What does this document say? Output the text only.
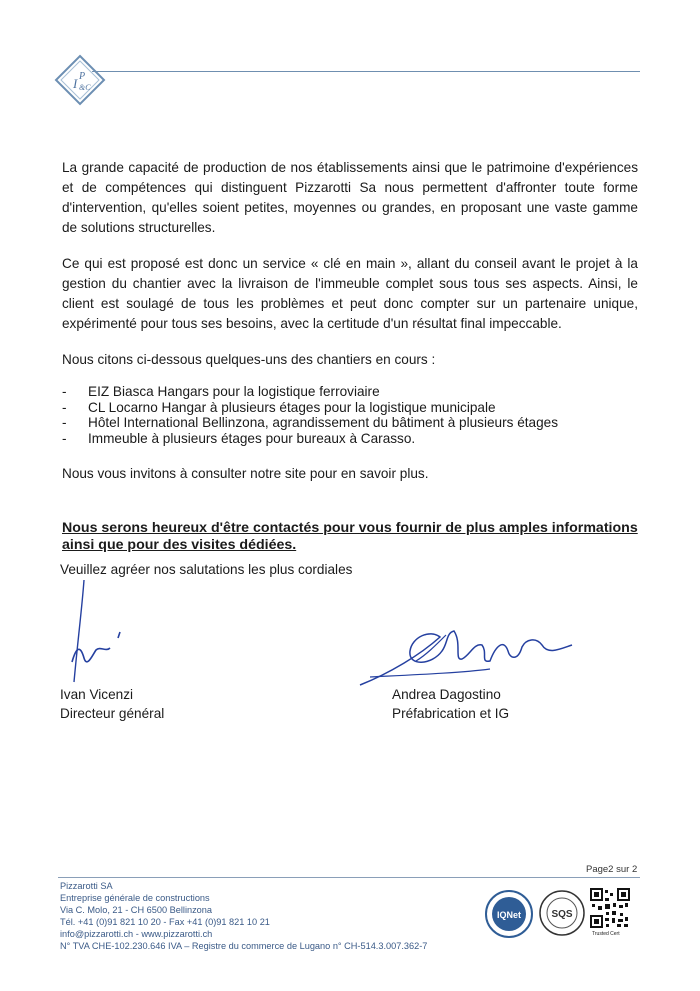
I P
&C

La grande capacité de production de nos établissements ainsi que le patrimoine d'expériences et de compétences qui distinguent Pizzarotti Sa nous permettent d'affronter toute forme d'intervention, qu'elles soient petites, moyennes ou grandes, en proposant une vaste gamme de solutions structurelles.

Ce qui est proposé est donc un service « clé en main », allant du conseil avant le projet à la gestion du chantier avec la livraison de l'immeuble complet sous tous ses aspects. Ainsi, le client est soulagé de tous les problèmes et peut donc compter sur un partenaire unique, expérimenté pour tous ses besoins, avec la certitude d'un résultat final impeccable.

Nous citons ci-dessous quelques-uns des chantiers en cours :

- EIZ Biasca Hangars pour la logistique ferroviaire
- CL Locarno Hangar à plusieurs étages pour la logistique municipale
- Hôtel International Bellinzona, agrandissement du bâtiment à plusieurs étages
- Immeuble à plusieurs étages pour bureaux à Carasso.

Nous vous invitons à consulter notre site pour en savoir plus.

Nous serons heureux d'être contactés pour vous fournir de plus amples informations ainsi que pour des visites dédiées.

Veuillez agréer nos salutations les plus cordiales
Ivan Vicenzi
Directeur général
Andrea Dagostino
Préfabrication et IG
Page2 sur 2
Pizzarotti SA
Entreprise générale de constructions
Via C. Molo, 21 - CH 6500 Bellinzona
Tél. +41 (0)91 821 10 20 - Fax +41 (0)91 821 10 21
info@pizzarotti.ch - www.pizzarotti.ch
N° TVA CHE-102.230.646 IVA – Registre du commerce de Lugano n° CH-514.3.007.362-7
IQNet	SQS
Trusted Cert
